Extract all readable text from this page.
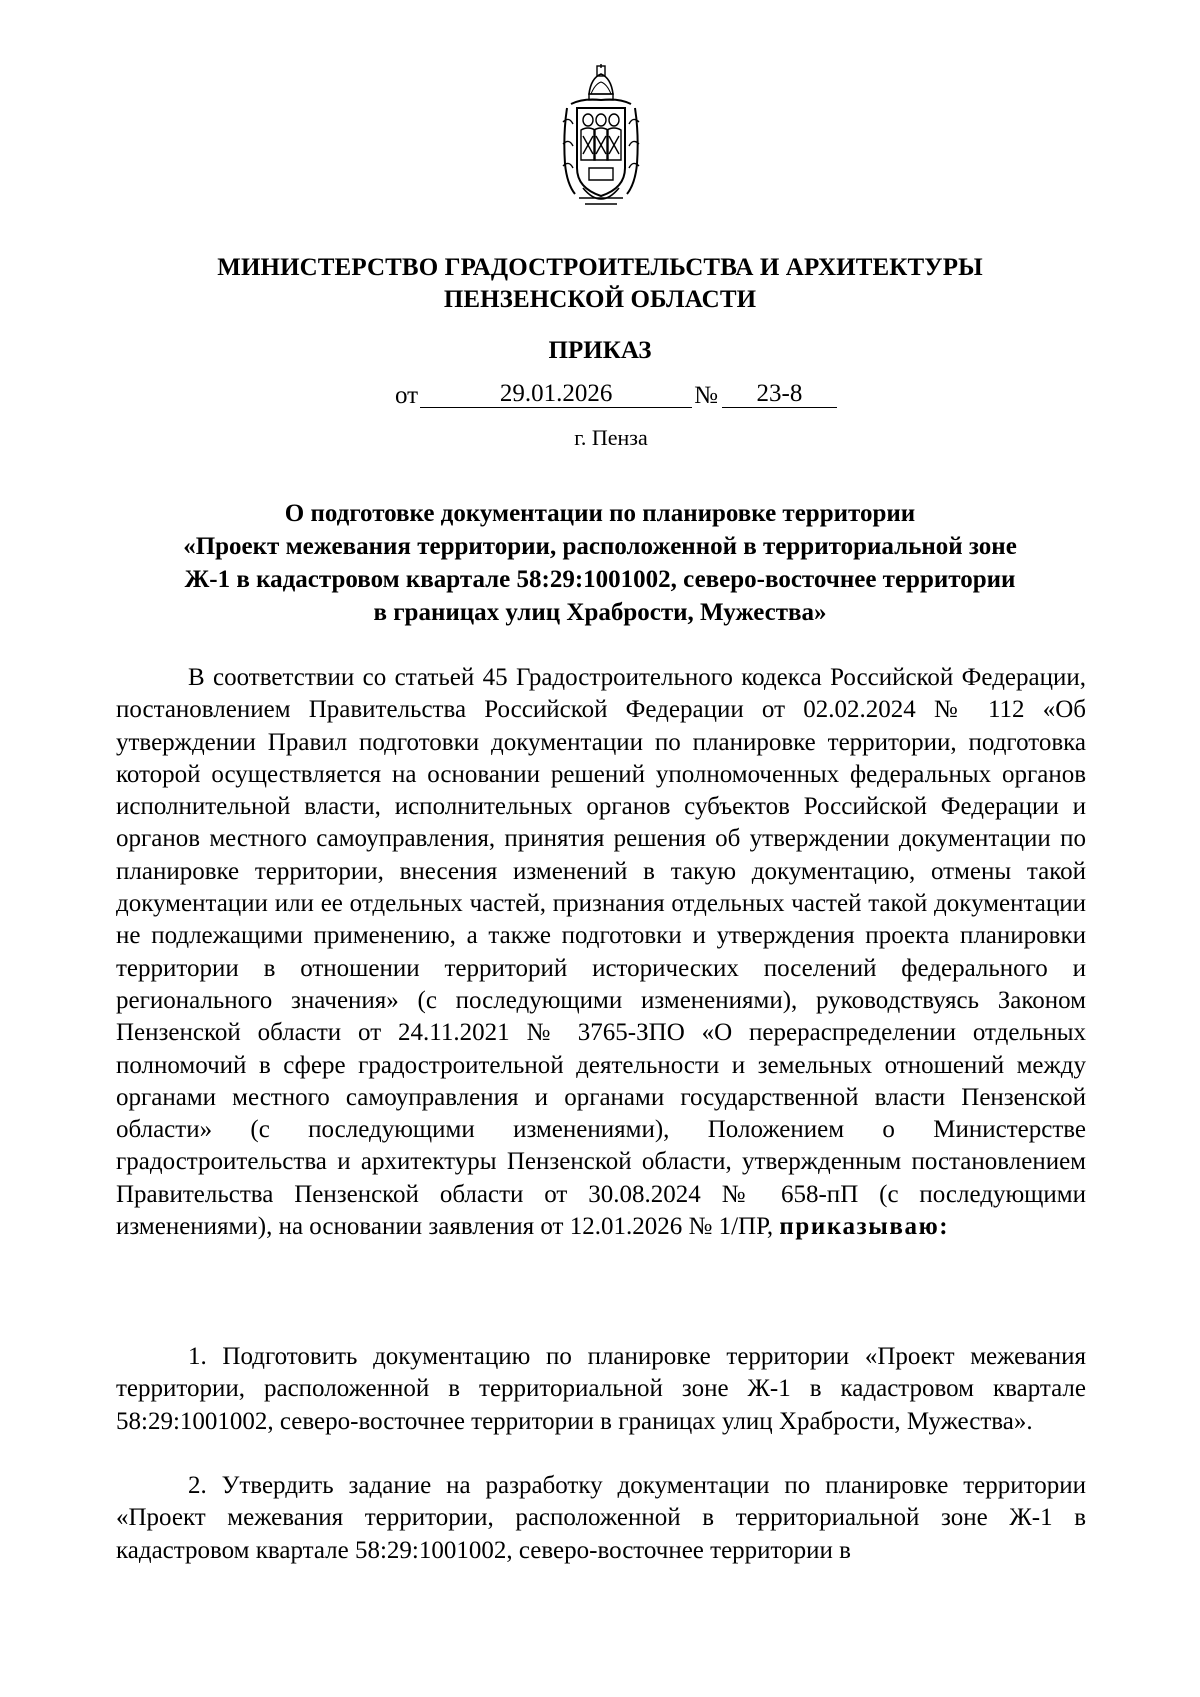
МИНИСТЕРСТВО ГРАДОСТРОИТЕЛЬСТВА И АРХИТЕКТУРЫ
ПЕНЗЕНСКОЙ ОБЛАСТИ
ПРИКАЗ
от	29.01.2026	№ 23-8
г. Пенза
О подготовке документации по планировке территории
«Проект межевания территории, расположенной в территориальной зоне
Ж-1 в кадастровом квартале 58:29:1001002, северо-восточнее территории
в границах улиц Храбрости, Мужества»

В соответствии со статьей 45 Градостроительного кодекса Российской Федерации, постановлением Правительства Российской Федерации от 02.02.2024 № 112 «Об утверждении Правил подготовки документации по планировке территории, подготовка которой осуществляется на основании решений уполномоченных федеральных органов исполнительной власти, исполнительных органов субъектов Российской Федерации и органов местного самоуправления, принятия решения об утверждении документации по планировке территории, внесения изменений в такую документацию, отмены такой документации или ее отдельных частей, признания отдельных частей такой документации не подлежащими применению, а также подготовки и утверждения проекта планировки территории в отношении территорий исторических поселений федерального и регионального значения» (с последующими изменениями), руководствуясь Законом Пензенской области от 24.11.2021 № 3765-ЗПО «О перераспределении отдельных полномочий в сфере градостроительной деятельности и земельных отношений между органами местного самоуправления и органами государственной власти Пензенской области» (с последующими изменениями), Положением о Министерстве градостроительства и архитектуры Пензенской области, утвержденным постановлением Правительства Пензенской области от 30.08.2024 № 658-пП (с последующими изменениями), на основании заявления от 12.01.2026 № 1/ПР, приказываю:

1. Подготовить документацию по планировке территории «Проект межевания территории, расположенной в территориальной зоне Ж-1 в кадастровом квартале 58:29:1001002, северо-восточнее территории в границах улиц Храбрости, Мужества».

2. Утвердить задание на разработку документации по планировке территории «Проект межевания территории, расположенной в территориальной зоне Ж-1 в кадастровом квартале 58:29:1001002, северо-восточнее территории в
